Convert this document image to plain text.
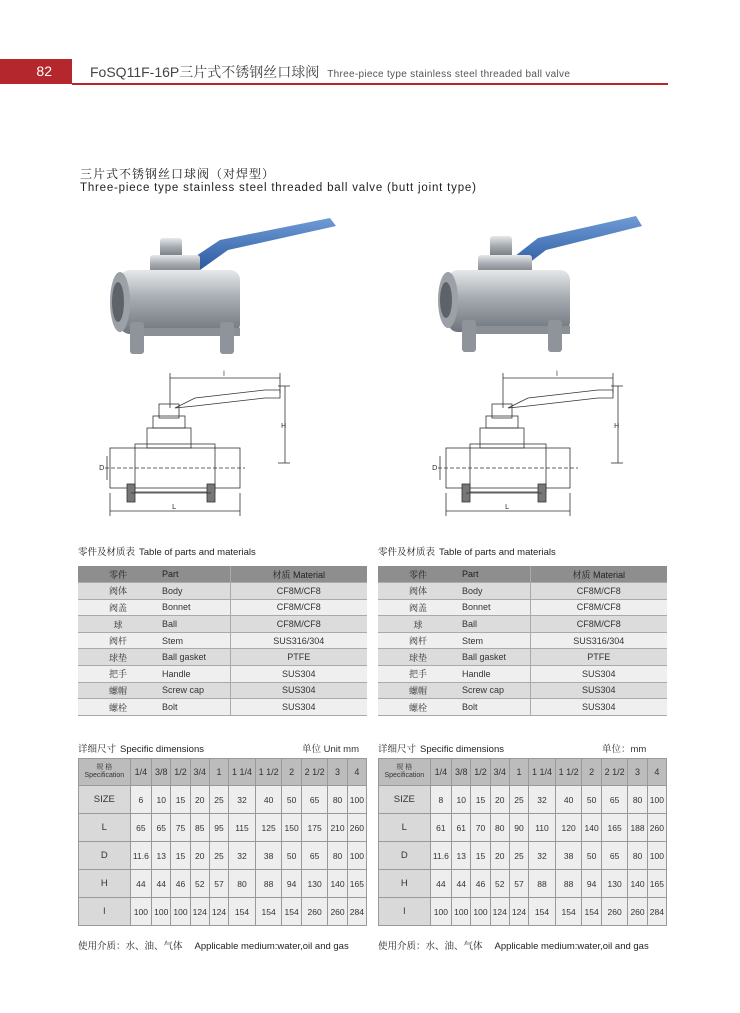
82	FoSQ11F-16P三片式不锈钢丝口球阀 Three-piece type stainless steel threaded ball valve
三片式不锈钢丝口球阀（对焊型）
Three-piece type stainless steel threaded ball valve (butt joint type)
l
H
D
L
l
H
D
L
零件及材质表 Table of parts and materials	零件及材质表 Table of parts and materials
零件	Part	材质 Material
阀体	Body	CF8M/CF8
阀盖	Bonnet	CF8M/CF8
球	Ball	CF8M/CF8
阀杆	Stem	SUS316/304
球垫	Ball gasket	PTFE
把手	Handle	SUS304
螺帽	Screw cap	SUS304
螺栓	Bolt	SUS304
零件	Part	材质 Material
阀体	Body	CF8M/CF8
阀盖	Bonnet	CF8M/CF8
球	Ball	CF8M/CF8
阀杆	Stem	SUS316/304
球垫	Ball gasket	PTFE
把手	Handle	SUS304
螺帽	Screw cap	SUS304
螺栓	Bolt	SUS304
详细尺寸 Specific dimensions	单位 Unit mm 详细尺寸 Specific dimensions	单位：mm
规 格
Specification	1/4	3/8	1/2	3/4	1	1 1/4	1 1/2	2	2 1/2	3	4
SIZE	6	10	15	20	25	32	40	50	65	80	100
L	65	65	75	85	95	115	125	150	175	210	260
D	11.6	13	15	20	25	32	38	50	65	80	100
H	44	44	46	52	57	80	88	94	130	140	165
l	100	100	100	124	124	154	154	154	260	260	284
规 格
Specification	1/4	3/8	1/2	3/4	1	1 1/4	1 1/2	2	2 1/2	3	4
SIZE	8	10	15	20	25	32	40	50	65	80	100
L	61	61	70	80	90	110	120	140	165	188	260
D	11.6	13	15	20	25	32	38	50	65	80	100
H	44	44	46	52	57	88	88	94	130	140	165
l	100	100	100	124	124	154	154	154	260	260	284
使用介质：水、油、气体 Applicable medium:water,oil and gas	使用介质：水、油、气体 Applicable medium:water,oil and gas
